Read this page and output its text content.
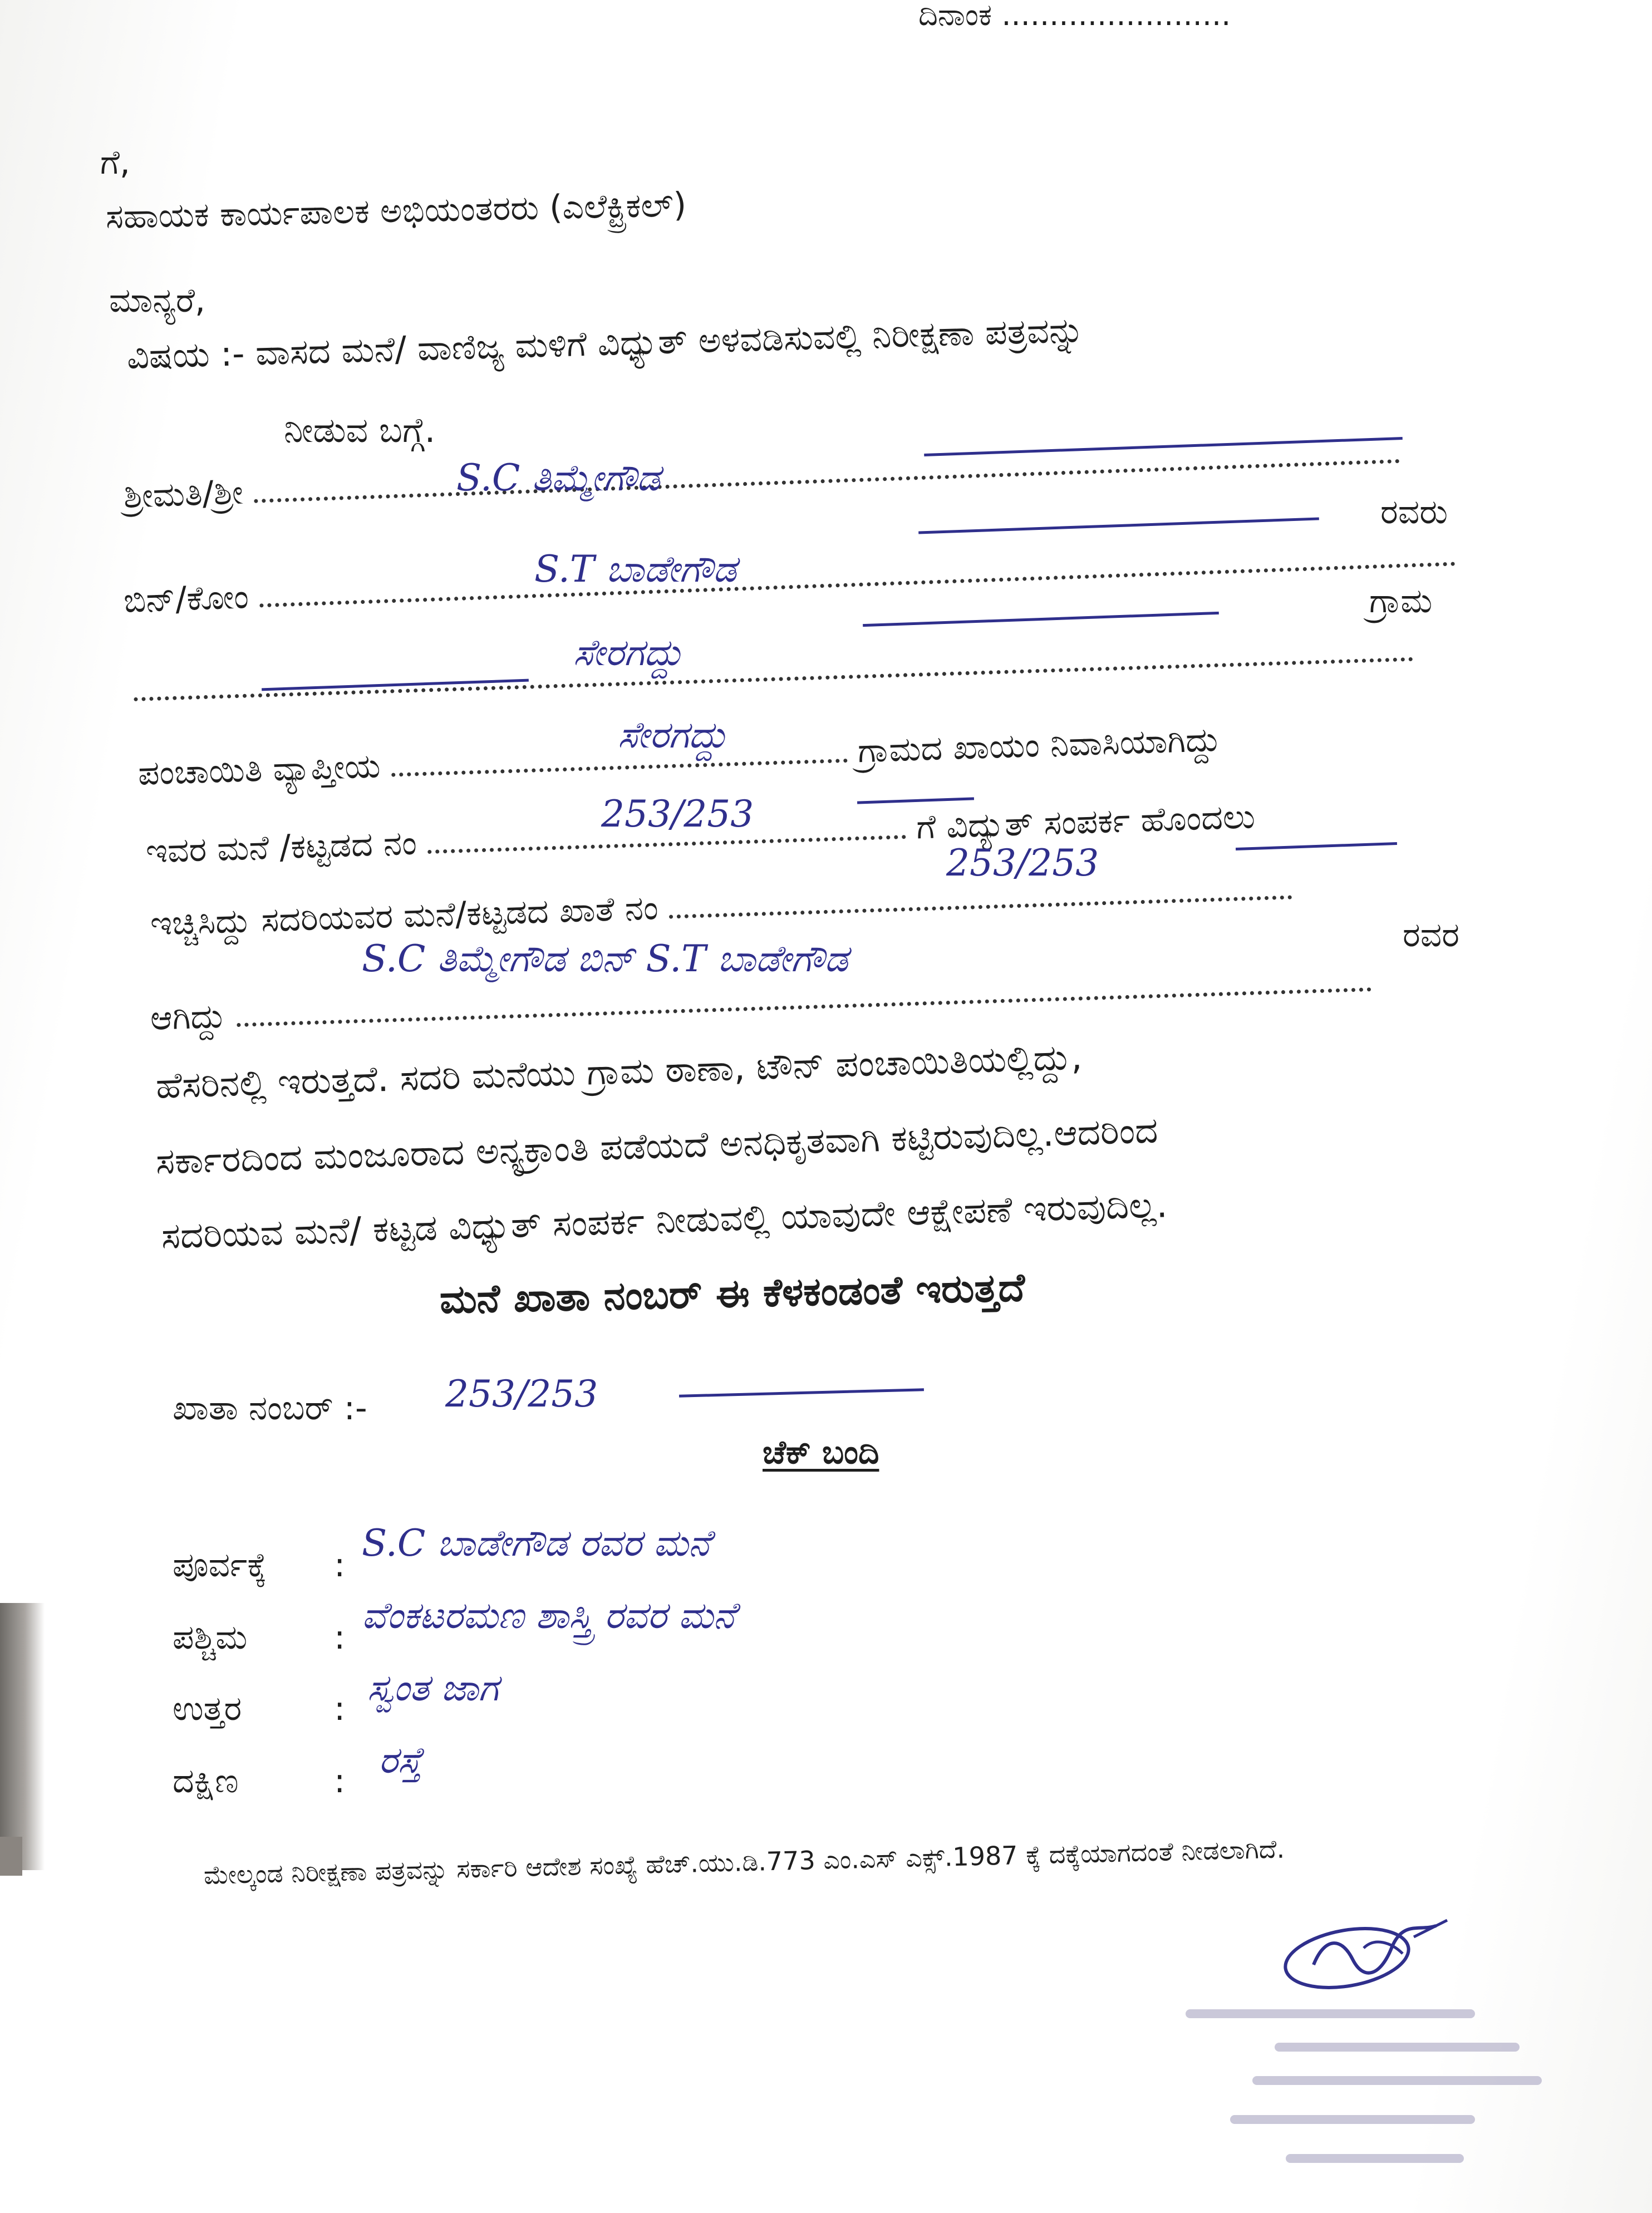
ದಿನಾಂಕ ........................
ಗೆ,
ಸಹಾಯಕ ಕಾರ್ಯಪಾಲಕ ಅಭಿಯಂತರರು (ಎಲೆಕ್ಟ್ರಿಕಲ್)
ಮಾನ್ಯರೆ,
ವಿಷಯ :- ವಾಸದ ಮನೆ/ ವಾಣಿಜ್ಯ ಮಳಿಗೆ ವಿಧ್ಯುತ್ ಅಳವಡಿಸುವಲ್ಲಿ ನಿರೀಕ್ಷಣಾ ಪತ್ರವನ್ನು
ನೀಡುವ ಬಗ್ಗೆ.
ಶ್ರೀಮತಿ/ಶ್ರೀ	S.C ತಿಮ್ಮೇಗೌಡ
ರವರು
ಬಿನ್/ಕೋಂ
S.T ಬಾಡೇಗೌಡ
ಗ್ರಾಮ
ಸೇರಗದ್ದು
ಪಂಚಾಯಿತಿ ವ್ಯಾಪ್ತೀಯ	ಗ್ರಾಮದ ಖಾಯಂ ನಿವಾಸಿಯಾಗಿದ್ದು
ಸೇರಗದ್ದು
ಇವರ ಮನೆ /ಕಟ್ಟಡದ ನಂ  ಗೆ ವಿದ್ಯುತ್ ಸಂಪರ್ಕ ಹೊಂದಲು
253/253
ಇಚ್ಚಿಸಿದ್ದು ಸದರಿಯವರ ಮನೆ/ಕಟ್ಟಡದ ಖಾತೆ ನಂ
253/253
ಆಗಿದ್ದು
S.C ತಿಮ್ಮೇಗೌಡ ಬಿನ್ S.T ಬಾಡೇಗೌಡ
ರವರ
ಹೆಸರಿನಲ್ಲಿ ಇರುತ್ತದೆ. ಸದರಿ ಮನೆಯು ಗ್ರಾಮ ಠಾಣಾ, ಟೌನ್ ಪಂಚಾಯಿತಿಯಲ್ಲಿದ್ದು,
ಸರ್ಕಾರದಿಂದ ಮಂಜೂರಾದ ಅನ್ಯಕ್ರಾಂತಿ ಪಡೆಯದೆ ಅನಧಿಕೃತವಾಗಿ ಕಟ್ಟಿರುವುದಿಲ್ಲ.ಆದರಿಂದ
ಸದರಿಯವ ಮನೆ/ ಕಟ್ಟಡ ವಿಧ್ಯುತ್ ಸಂಪರ್ಕ ನೀಡುವಲ್ಲಿ ಯಾವುದೇ ಆಕ್ಷೇಪಣೆ ಇರುವುದಿಲ್ಲ.
ಮನೆ ಖಾತಾ ನಂಬರ್ ಈ ಕೆಳಕಂಡಂತೆ ಇರುತ್ತದೆ
ಖಾತಾ ನಂಬರ್ :- 253/253
ಚೆಕ್ ಬಂದಿ
ಪೂರ್ವಕ್ಕೆ :
S.C ಬಾಡೇಗೌಡ ರವರ ಮನೆ
ಪಶ್ಚಿಮ	:
ವೆಂಕಟರಮಣ ಶಾಸ್ತ್ರಿ ರವರ ಮನೆ
ಉತ್ತರ	: ಸ್ವಂತ ಜಾಗ
ದಕ್ಷಿಣ	: ರಸ್ತೆ
ಮೇಲ್ಕಂಡ ನಿರೀಕ್ಷಣಾ ಪತ್ರವನ್ನು ಸರ್ಕಾರಿ ಆದೇಶ ಸಂಖ್ಯೆ ಹೆಚ್.ಯು.ಡಿ.773 ಎಂ.ಎಸ್ ಎಕ್ಸ್.1987 ಕ್ಕೆ ದಕ್ಕೆಯಾಗದಂತೆ ನೀಡಲಾಗಿದೆ.
